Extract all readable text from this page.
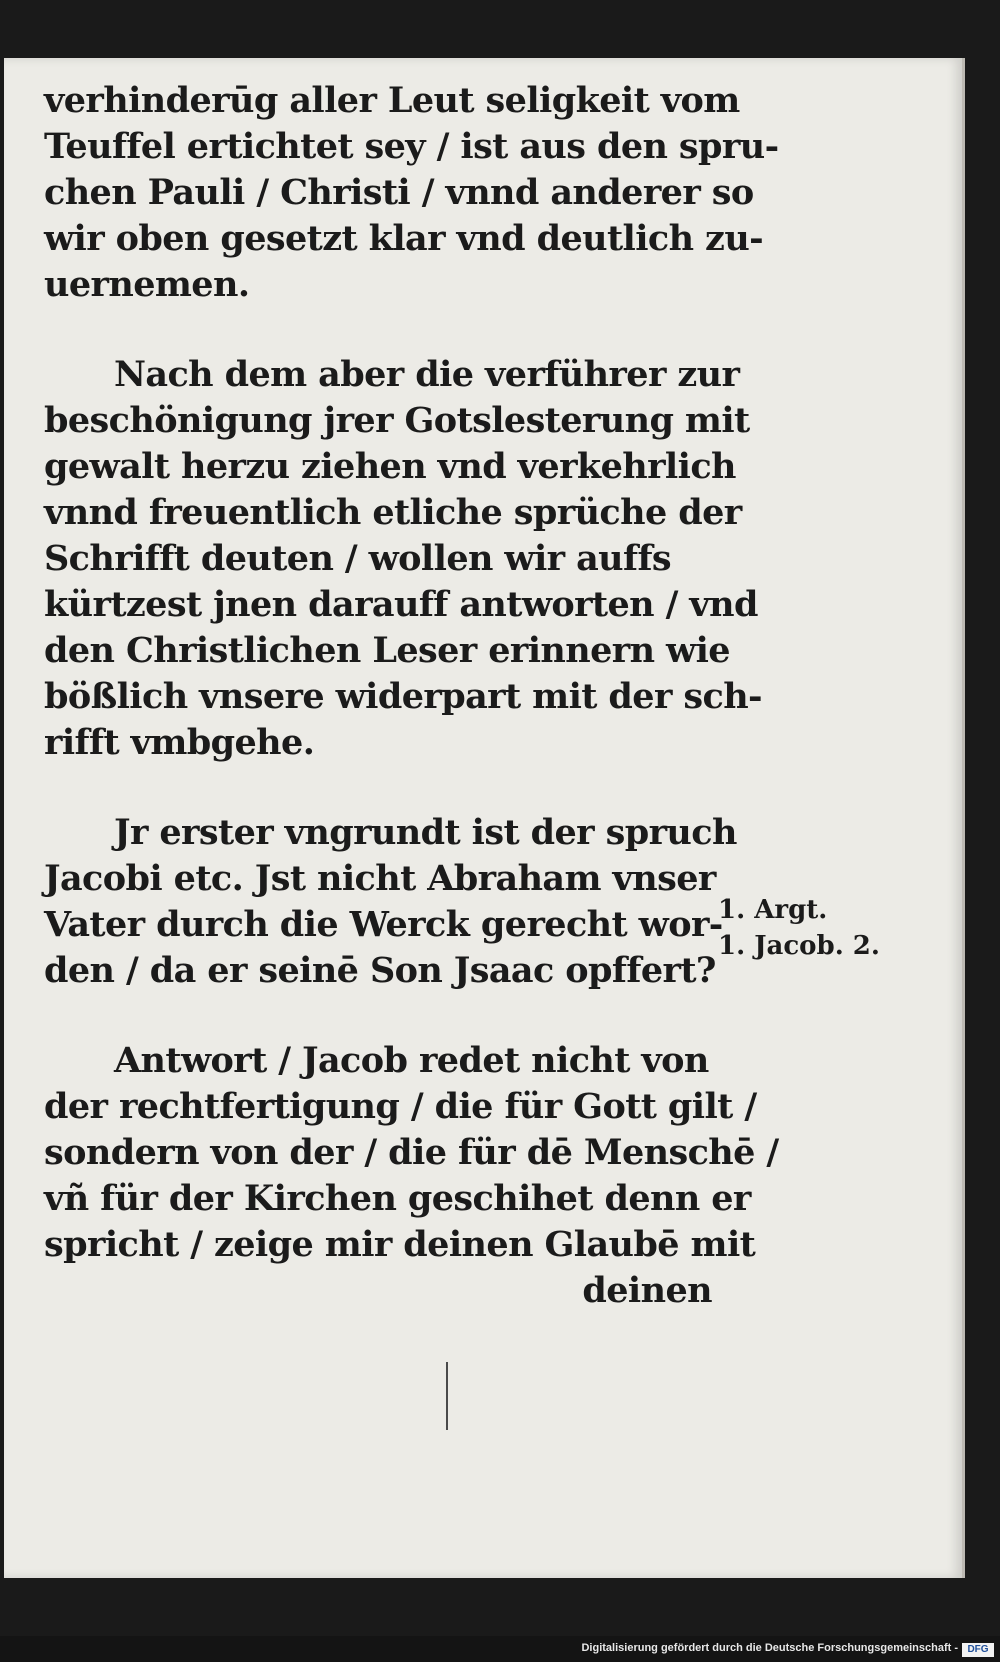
verhinderūg aller Leut seligkeit vom
Teuffel ertichtet sey / ist aus den spru-
chen Pauli / Christi / vnnd anderer so
wir oben gesetzt klar vnd deutlich zu-
uernemen.
Nach dem aber die verführer zur
beschönigung jrer Gotslesterung mit
gewalt herzu ziehen vnd verkehrlich
vnnd freuentlich etliche sprüche der
Schrifft deuten / wollen wir auffs
kürtzest jnen darauff antworten / vnd
den Christlichen Leser erinnern wie
bößlich vnsere widerpart mit der sch-
rifft vmbgehe.
Jr erster vngrundt ist der spruch
Jacobi etc. Jst nicht Abraham vnser
Vater durch die Werck gerecht wor-
den / da er seinē Son Jsaac opffert?
Antwort / Jacob redet nicht von
der rechtfertigung / die für Gott gilt /
sondern von der / die für dē Menschē /
vñ für der Kirchen geschihet denn er
spricht / zeige mir deinen Glaubē mit
deinen
1. Argt.
1. Jacob. 2.
Digitalisierung gefördert durch die Deutsche Forschungsgemeinschaft - DFG
